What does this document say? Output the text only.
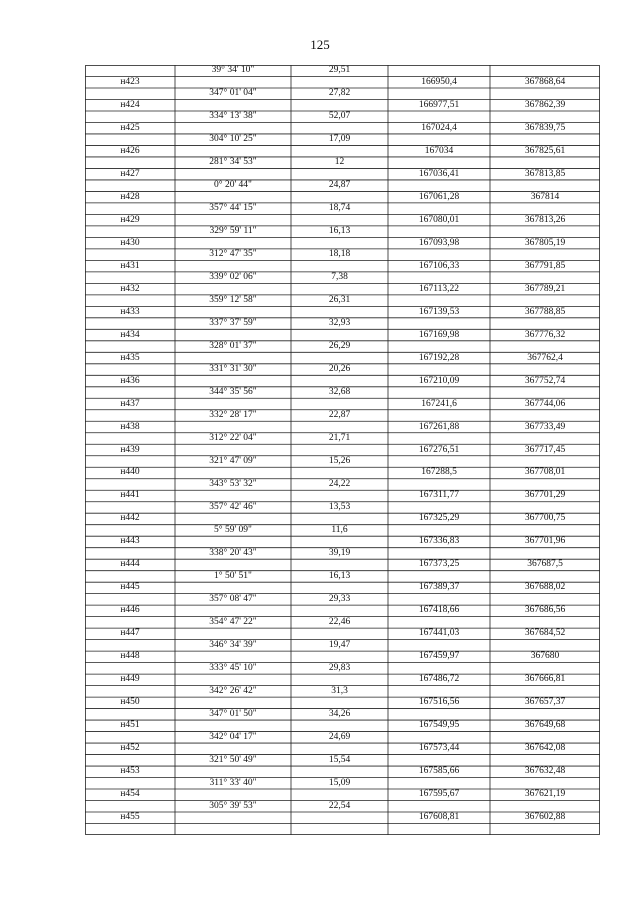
125
39° 34' 10"	29,51
н423	166950,4	367868,64
347° 01' 04"	27,82
н424	166977,51	367862,39
334° 13' 38"	52,07
н425	167024,4	367839,75
304° 10' 25"	17,09
н426	167034	367825,61
281° 34' 53"	12
н427	167036,41	367813,85
0° 20' 44"	24,87
н428	167061,28	367814
357° 44' 15"	18,74
н429	167080,01	367813,26
329° 59' 11"	16,13
н430	167093,98	367805,19
312° 47' 35"	18,18
н431	167106,33	367791,85
339° 02' 06"	7,38
н432	167113,22	367789,21
359° 12' 58"	26,31
н433	167139,53	367788,85
337° 37' 59"	32,93
н434	167169,98	367776,32
328° 01' 37"	26,29
н435	167192,28	367762,4
331° 31' 30"	20,26
н436	167210,09	367752,74
344° 35' 56"	32,68
н437	167241,6	367744,06
332° 28' 17"	22,87
н438	167261,88	367733,49
312° 22' 04"	21,71
н439	167276,51	367717,45
321° 47' 09"	15,26
н440	167288,5	367708,01
343° 53' 32"	24,22
н441	167311,77	367701,29
357° 42' 46"	13,53
н442	167325,29	367700,75
5° 59' 09"	11,6
н443	167336,83	367701,96
338° 20' 43"	39,19
н444	167373,25	367687,5
1° 50' 51"	16,13
н445	167389,37	367688,02
357° 08' 47"	29,33
н446	167418,66	367686,56
354° 47' 22"	22,46
н447	167441,03	367684,52
346° 34' 39"	19,47
н448	167459,97	367680
333° 45' 10"	29,83
н449	167486,72	367666,81
342° 26' 42"	31,3
н450	167516,56	367657,37
347° 01' 50"	34,26
н451	167549,95	367649,68
342° 04' 17"	24,69
н452	167573,44	367642,08
321° 50' 49"	15,54
н453	167585,66	367632,48
311° 33' 40"	15,09
н454	167595,67	367621,19
305° 39' 53"	22,54
н455	167608,81	367602,88
